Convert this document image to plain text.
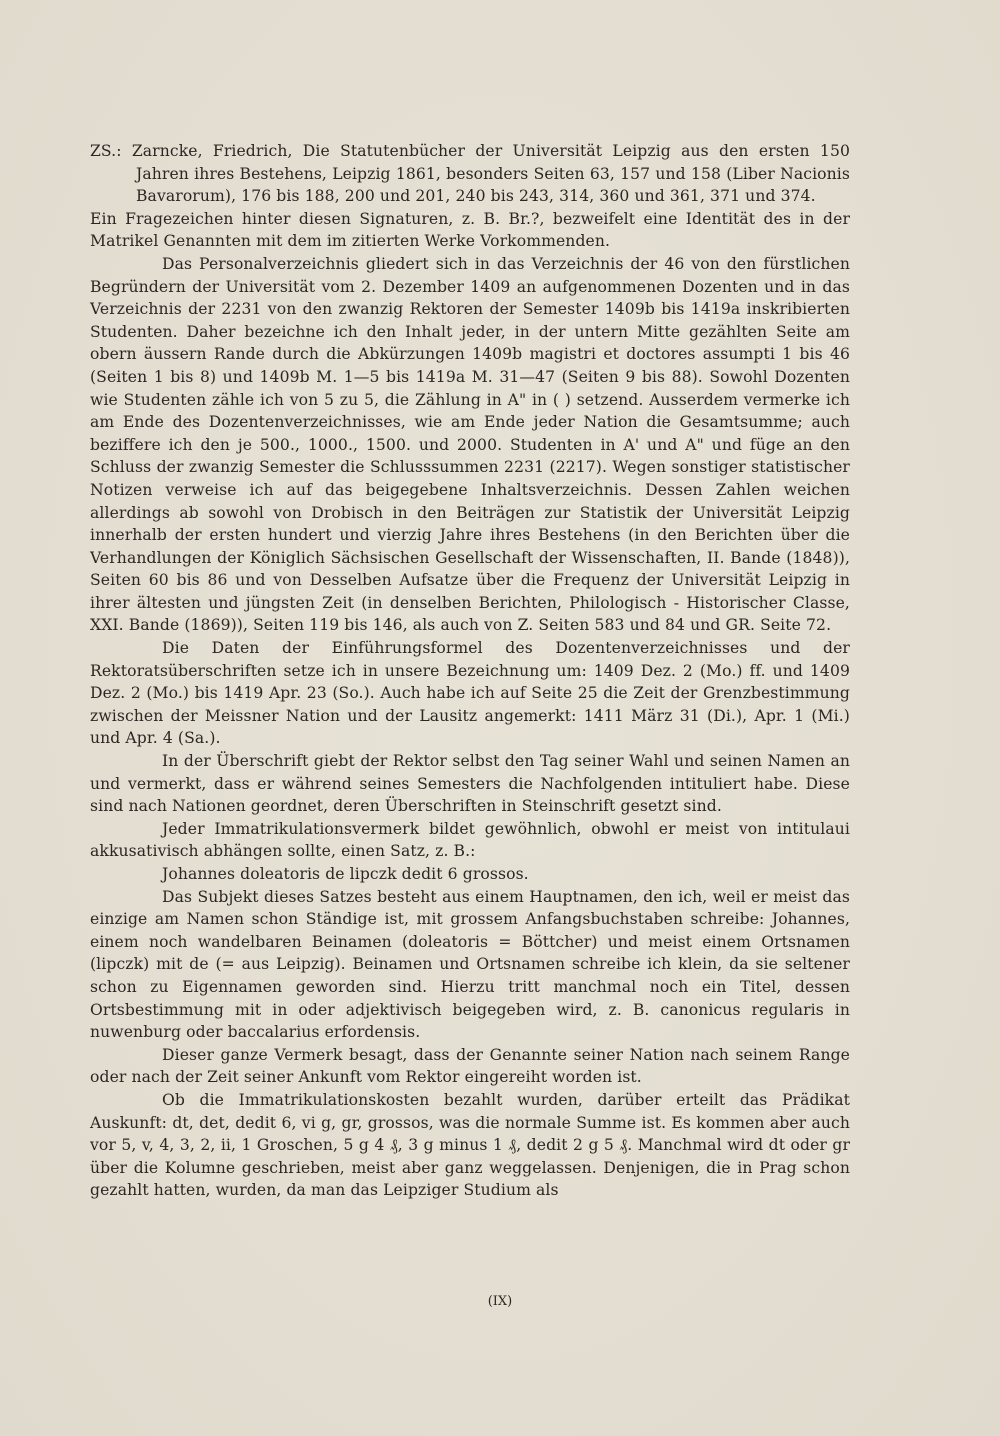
ZS.: Zarncke, Friedrich, Die Statutenbücher der Universität Leipzig aus den ersten 150 Jahren ihres Bestehens, Leipzig 1861, besonders Seiten 63, 157 und 158 (Liber Nacionis Bavarorum), 176 bis 188, 200 und 201, 240 bis 243, 314, 360 und 361, 371 und 374.

Ein Fragezeichen hinter diesen Signaturen, z. B. Br.?, bezweifelt eine Identität des in der Matrikel Genannten mit dem im zitierten Werke Vorkommenden.

Das Personalverzeichnis gliedert sich in das Verzeichnis der 46 von den fürstlichen Begründern der Universität vom 2. Dezember 1409 an aufgenommenen Dozenten und in das Verzeichnis der 2231 von den zwanzig Rektoren der Semester 1409b bis 1419a inskribierten Studenten. Daher bezeichne ich den Inhalt jeder, in der untern Mitte gezählten Seite am obern äussern Rande durch die Abkürzungen 1409b magistri et doctores assumpti 1 bis 46 (Seiten 1 bis 8) und 1409b M. 1—5 bis 1419a M. 31—47 (Seiten 9 bis 88). Sowohl Dozenten wie Studenten zähle ich von 5 zu 5, die Zählung in A" in ( ) setzend. Ausserdem vermerke ich am Ende des Dozentenverzeichnisses, wie am Ende jeder Nation die Gesamtsumme; auch beziffere ich den je 500., 1000., 1500. und 2000. Studenten in A' und A" und füge an den Schluss der zwanzig Semester die Schlusssummen 2231 (2217). Wegen sonstiger statistischer Notizen verweise ich auf das beigegebene Inhaltsverzeichnis. Dessen Zahlen weichen allerdings ab sowohl von Drobisch in den Beiträgen zur Statistik der Universität Leipzig innerhalb der ersten hundert und vierzig Jahre ihres Bestehens (in den Berichten über die Verhandlungen der Königlich Sächsischen Gesellschaft der Wissenschaften, II. Bande (1848)), Seiten 60 bis 86 und von Desselben Aufsatze über die Frequenz der Universität Leipzig in ihrer ältesten und jüngsten Zeit (in denselben Berichten, Philologisch - Historischer Classe, XXI. Bande (1869)), Seiten 119 bis 146, als auch von Z. Seiten 583 und 84 und GR. Seite 72.

Die Daten der Einführungsformel des Dozentenverzeichnisses und der Rektoratsüberschriften setze ich in unsere Bezeichnung um: 1409 Dez. 2 (Mo.) ff. und 1409 Dez. 2 (Mo.) bis 1419 Apr. 23 (So.). Auch habe ich auf Seite 25 die Zeit der Grenzbestimmung zwischen der Meissner Nation und der Lausitz angemerkt: 1411 März 31 (Di.), Apr. 1 (Mi.) und Apr. 4 (Sa.).

In der Überschrift giebt der Rektor selbst den Tag seiner Wahl und seinen Namen an und vermerkt, dass er während seines Semesters die Nachfolgenden intituliert habe. Diese sind nach Nationen geordnet, deren Überschriften in Steinschrift gesetzt sind.

Jeder Immatrikulationsvermerk bildet gewöhnlich, obwohl er meist von intitulaui akkusativisch abhängen sollte, einen Satz, z. B.:

Johannes doleatoris de lipczk dedit 6 grossos.

Das Subjekt dieses Satzes besteht aus einem Hauptnamen, den ich, weil er meist das einzige am Namen schon Ständige ist, mit grossem Anfangsbuchstaben schreibe: Johannes, einem noch wandelbaren Beinamen (doleatoris = Böttcher) und meist einem Ortsnamen (lipczk) mit de (= aus Leipzig). Beinamen und Ortsnamen schreibe ich klein, da sie seltener schon zu Eigennamen geworden sind. Hierzu tritt manchmal noch ein Titel, dessen Ortsbestimmung mit in oder adjektivisch beigegeben wird, z. B. canonicus regularis in nuwenburg oder baccalarius erfordensis.

Dieser ganze Vermerk besagt, dass der Genannte seiner Nation nach seinem Range oder nach der Zeit seiner Ankunft vom Rektor eingereiht worden ist.

Ob die Immatrikulationskosten bezahlt wurden, darüber erteilt das Prädikat Auskunft: dt, det, dedit 6, vi g, gr, grossos, was die normale Summe ist. Es kommen aber auch vor 5, v, 4, 3, 2, ii, 1 Groschen, 5 g 4 ₰, 3 g minus 1 ₰, dedit 2 g 5 ₰. Manchmal wird dt oder gr über die Kolumne geschrieben, meist aber ganz weggelassen. Denjenigen, die in Prag schon gezahlt hatten, wurden, da man das Leipziger Studium als

(IX)
